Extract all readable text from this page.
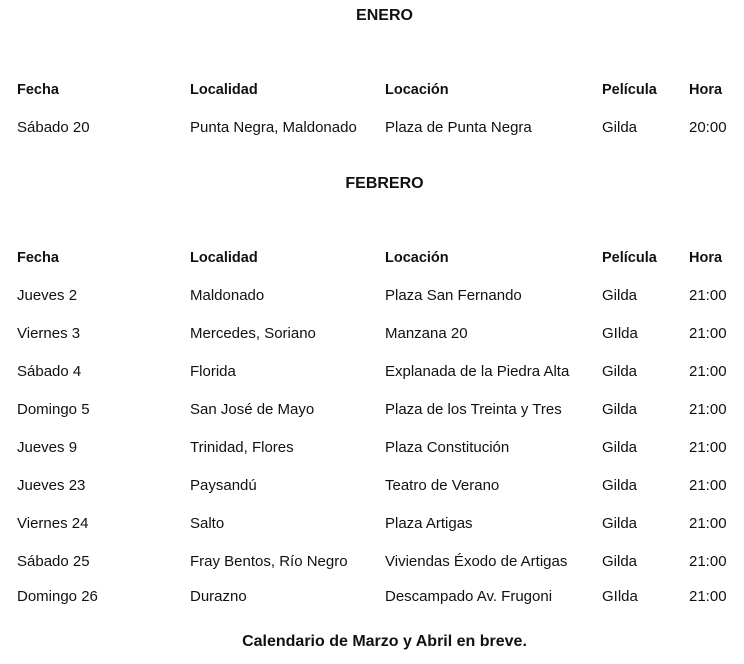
ENERO
Fecha	Localidad	Locación	Película	Hora
Sábado 20	Punta Negra, Maldonado	Plaza de Punta Negra	Gilda	20:00
FEBRERO
Fecha	Localidad	Locación	Película	Hora
Jueves 2	Maldonado	Plaza San Fernando	Gilda	21:00
Viernes 3	Mercedes, Soriano	Manzana 20	GIlda	21:00
Sábado 4	Florida	Explanada de la Piedra Alta	Gilda	21:00
Domingo 5	San José de Mayo	Plaza de los Treinta y Tres	Gilda	21:00
Jueves 9	Trinidad, Flores	Plaza Constitución	Gilda	21:00
Jueves 23	Paysandú	Teatro de Verano	Gilda	21:00
Viernes 24	Salto	Plaza Artigas	Gilda	21:00
Sábado 25	Fray Bentos, Río Negro	Viviendas Éxodo de Artigas	Gilda	21:00
Domingo 26	Durazno	Descampado Av. Frugoni	GIlda	21:00

Calendario de Marzo y Abril en breve.
